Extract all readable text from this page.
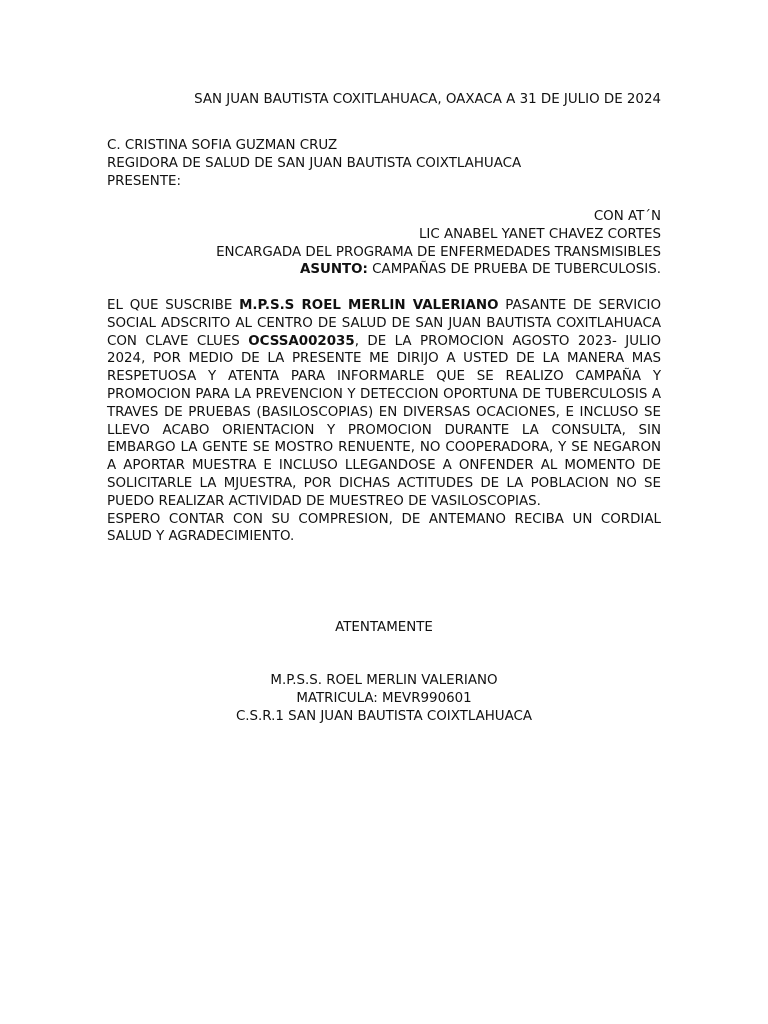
SAN JUAN BAUTISTA COXITLAHUACA, OAXACA A 31 DE JULIO DE 2024
C. CRISTINA SOFIA GUZMAN CRUZ
REGIDORA DE SALUD DE SAN JUAN BAUTISTA COIXTLAHUACA
PRESENTE:
CON AT´N
LIC ANABEL YANET CHAVEZ CORTES
ENCARGADA DEL PROGRAMA DE ENFERMEDADES TRANSMISIBLES
ASUNTO: CAMPAÑAS DE PRUEBA DE TUBERCULOSIS.

EL QUE SUSCRIBE M.P.S.S ROEL MERLIN VALERIANO PASANTE DE SERVICIO SOCIAL ADSCRITO AL CENTRO DE SALUD DE SAN JUAN BAUTISTA COXITLAHUACA CON CLAVE CLUES OCSSA002035, DE LA PROMOCION AGOSTO 2023- JULIO 2024, POR MEDIO DE LA PRESENTE ME DIRIJO A USTED DE LA MANERA MAS RESPETUOSA Y ATENTA PARA INFORMARLE QUE SE REALIZO CAMPAÑA Y PROMOCION PARA LA PREVENCION Y DETECCION OPORTUNA DE TUBERCULOSIS A TRAVES DE PRUEBAS (BASILOSCOPIAS) EN DIVERSAS OCACIONES, E INCLUSO SE LLEVO ACABO ORIENTACION Y PROMOCION DURANTE LA CONSULTA, SIN EMBARGO LA GENTE SE MOSTRO RENUENTE, NO COOPERADORA, Y SE NEGARON A APORTAR MUESTRA E INCLUSO LLEGANDOSE A ONFENDER AL MOMENTO DE SOLICITARLE LA MJUESTRA, POR DICHAS ACTITUDES DE LA POBLACION NO SE PUEDO REALIZAR ACTIVIDAD DE MUESTREO DE VASILOSCOPIAS.

ESPERO CONTAR CON SU COMPRESION, DE ANTEMANO RECIBA UN CORDIAL SALUD Y AGRADECIMIENTO.

ATENTAMENTE
M.P.S.S. ROEL MERLIN VALERIANO
MATRICULA: MEVR990601
C.S.R.1 SAN JUAN BAUTISTA COIXTLAHUACA
